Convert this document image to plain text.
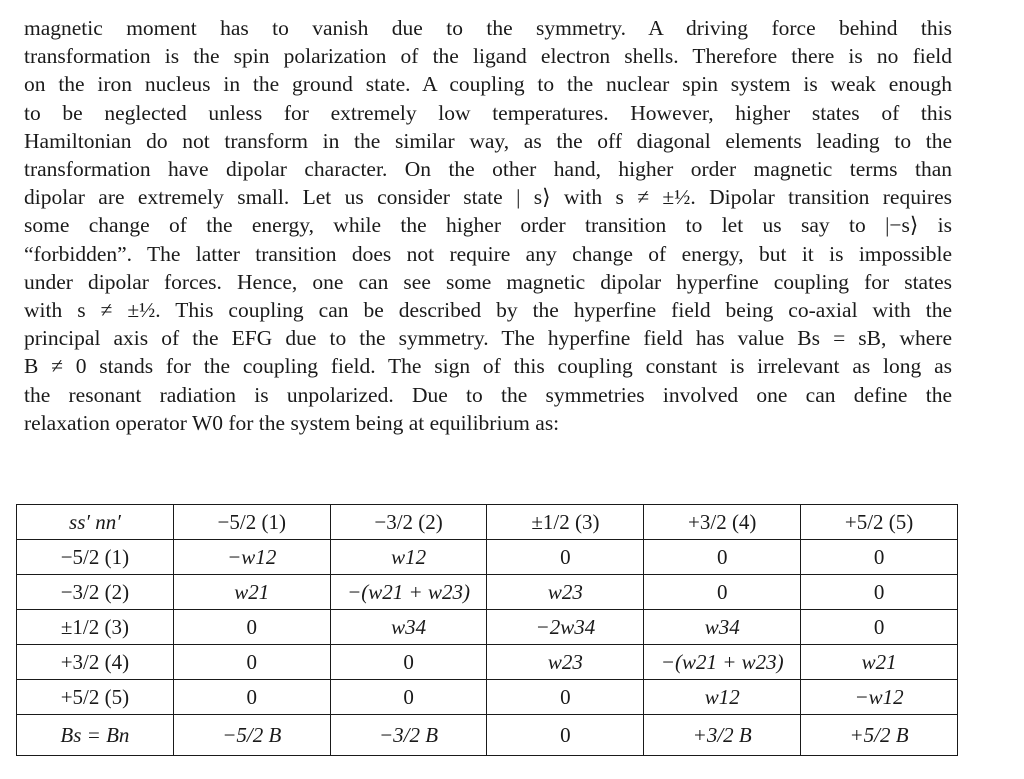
magnetic moment has to vanish due to the symmetry. A driving force behind this
transformation is the spin polarization of the ligand electron shells. Therefore there is no field
on the iron nucleus in the ground state. A coupling to the nuclear spin system is weak enough
to be neglected unless for extremely low temperatures. However, higher states of this
Hamiltonian do not transform in the similar way, as the off diagonal elements leading to the
transformation have dipolar character. On the other hand, higher order magnetic terms than
dipolar are extremely small. Let us consider state | s⟩ with s ≠ ±½. Dipolar transition requires
some change of the energy, while the higher order transition to let us say to |−s⟩ is
“forbidden”. The latter transition does not require any change of energy, but it is impossible
under dipolar forces. Hence, one can see some magnetic dipolar hyperfine coupling for states
with s ≠ ±½. This coupling can be described by the hyperfine field being co-axial with the
principal axis of the EFG due to the symmetry. The hyperfine field has value Bs = sB, where
B ≠ 0 stands for the coupling field. The sign of this coupling constant is irrelevant as long as
the resonant radiation is unpolarized. Due to the symmetries involved one can define the
relaxation operator W0 for the system being at equilibrium as:
ss′ nn′	−5/2 (1)	−3/2 (2)	±1/2 (3)	+3/2 (4)	+5/2 (5)
−5/2 (1)	−w12	w12	0	0	0
−3/2 (2)	w21	−(w21 + w23)	w23	0	0
±1/2 (3)	0	w34	−2w34	w34	0
+3/2 (4)	0	0	w23	−(w21 + w23)	w21
+5/2 (5)	0	0	0	w12	−w12
Bs = Bn	−5/2 B	−3/2 B	0	+3/2 B	+5/2 B
